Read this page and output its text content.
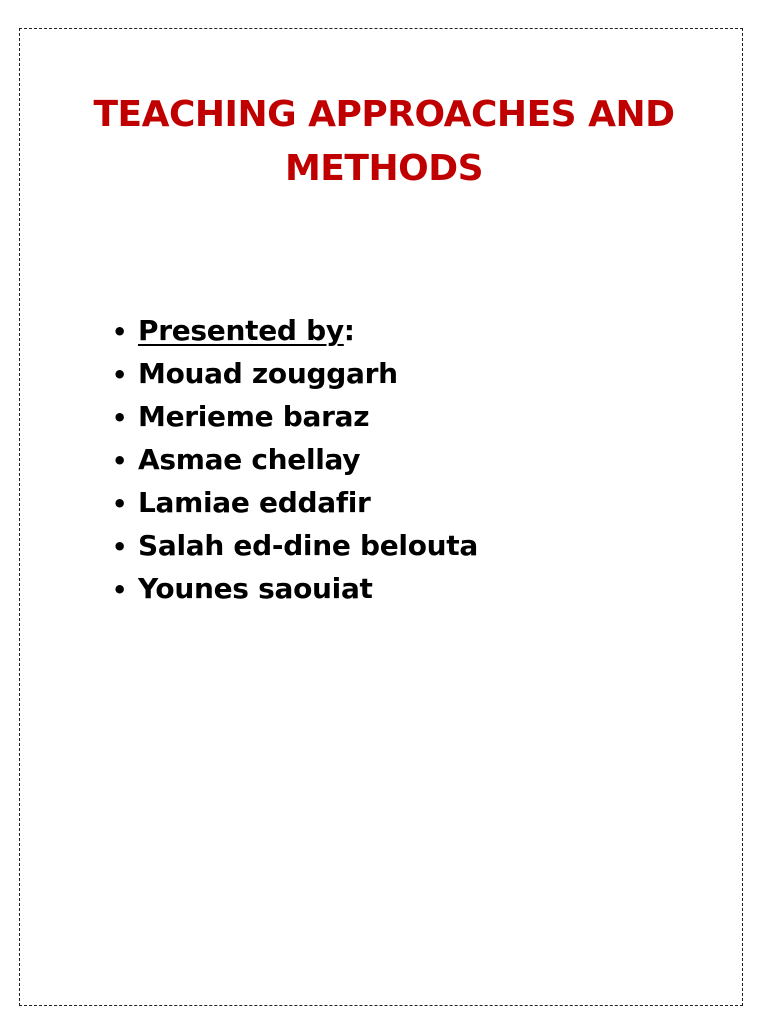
TEACHING APPROACHES AND
METHODS
• Presented by:
• Mouad zouggarh
• Merieme baraz
• Asmae chellay
• Lamiae eddafir
• Salah ed-dine belouta
• Younes saouiat
